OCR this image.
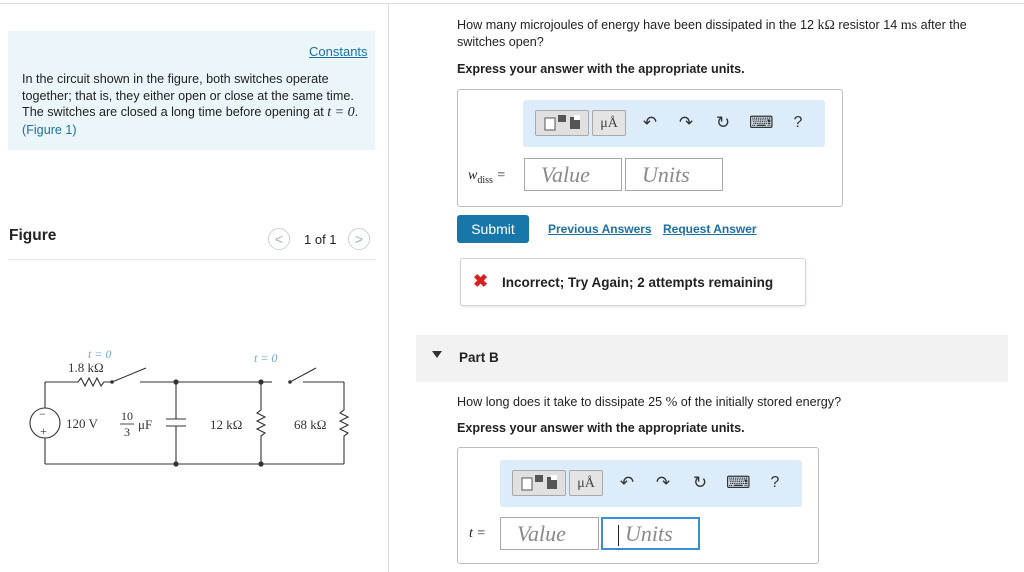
Constants
In the circuit shown in the figure, both switches operate together; that is, they either open or close at the same time. The switches are closed a long time before opening at t = 0. (Figure 1)
Figure	<	1 of 1	>
t = 0	t = 0
1.8 kΩ
−
+ 120 V 10
3 μF	12 kΩ	68 kΩ
How many microjoules of energy have been dissipated in the 12 kΩ resistor 14 ms after the switches open?
Express your answer with the appropriate units.
μÅ	↶ ↷ ↻ ⌨	?
$w_{diss}$ =	Value	Units
Submit	Previous Answers Request Answer
✖ Incorrect; Try Again; 2 attempts remaining
Part B
How long does it take to dissipate 25 % of the initially stored energy?
Express your answer with the appropriate units.
μÅ	↶ ↷ ↻ ⌨	?
t =	Value	Units
